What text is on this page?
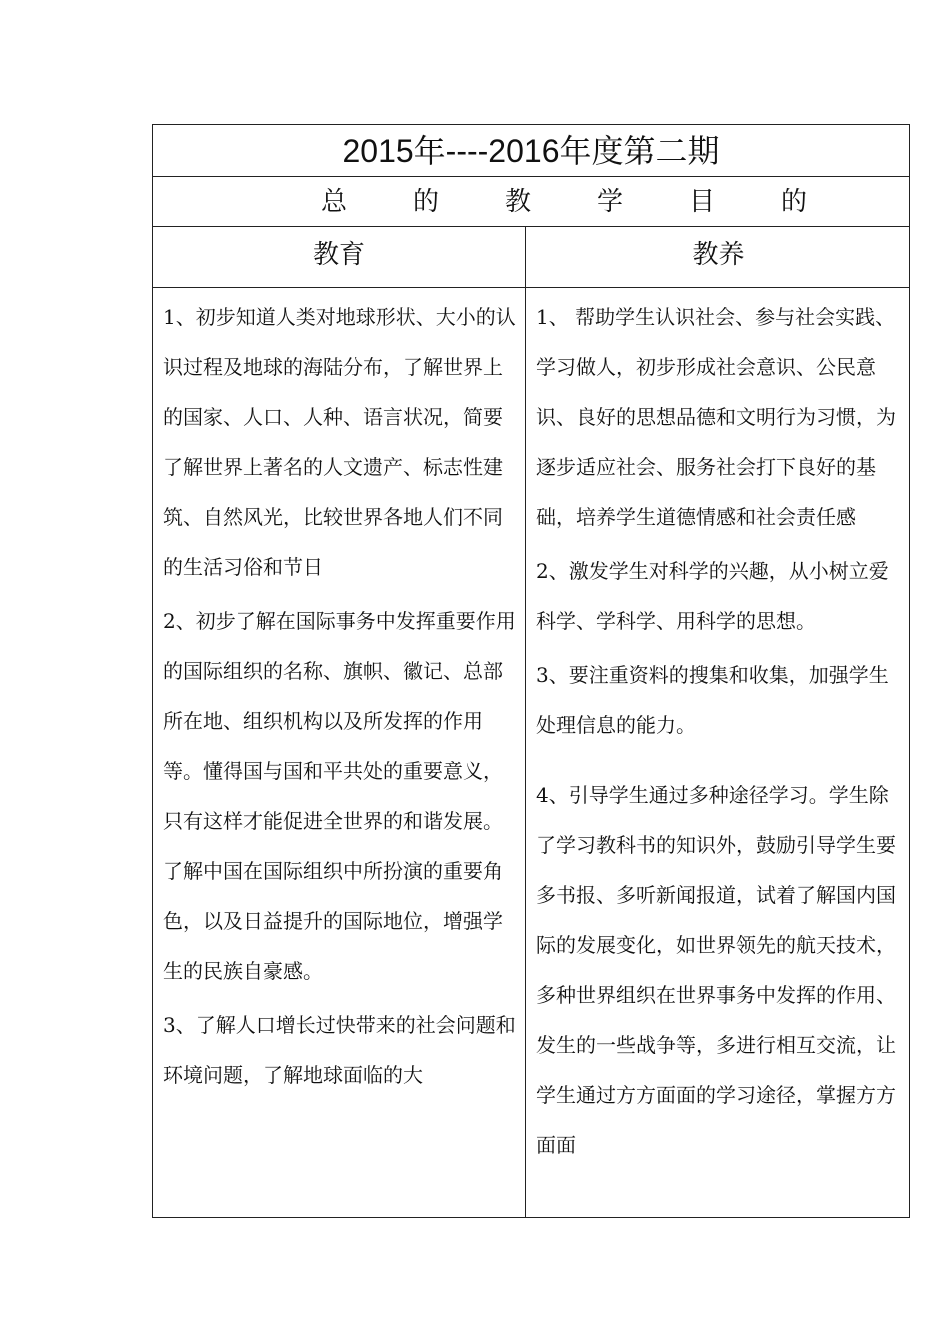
2015年----2016年度第二期
总的教学目的
教育	教养

1、初步知道人类对地球形状、大小的认识过程及地球的海陆分布，了解世界上的国家、人口、人种、语言状况，简要了解世界上著名的人文遗产、标志性建筑、自然风光，比较世界各地人们不同的生活习俗和节日

2、初步了解在国际事务中发挥重要作用的国际组织的名称、旗帜、徽记、总部所在地、组织机构以及所发挥的作用等。懂得国与国和平共处的重要意义，只有这样才能促进全世界的和谐发展。了解中国在国际组织中所扮演的重要角色，以及日益提升的国际地位，增强学生的民族自豪感。

3、了解人口增长过快带来的社会问题和环境问题，了解地球面临的大

1、 帮助学生认识社会、参与社会实践、学习做人，初步形成社会意识、公民意识、良好的思想品德和文明行为习惯，为逐步适应社会、服务社会打下良好的基础，培养学生道德情感和社会责任感

2、激发学生对科学的兴趣，从小树立爱科学、学科学、用科学的思想。

3、要注重资料的搜集和收集，加强学生处理信息的能力。

4、引导学生通过多种途径学习。学生除了学习教科书的知识外，鼓励引导学生要多书报、多听新闻报道，试着了解国内国际的发展变化，如世界领先的航天技术，多种世界组织在世界事务中发挥的作用、发生的一些战争等，多进行相互交流，让学生通过方方面面的学习途径，掌握方方面面
